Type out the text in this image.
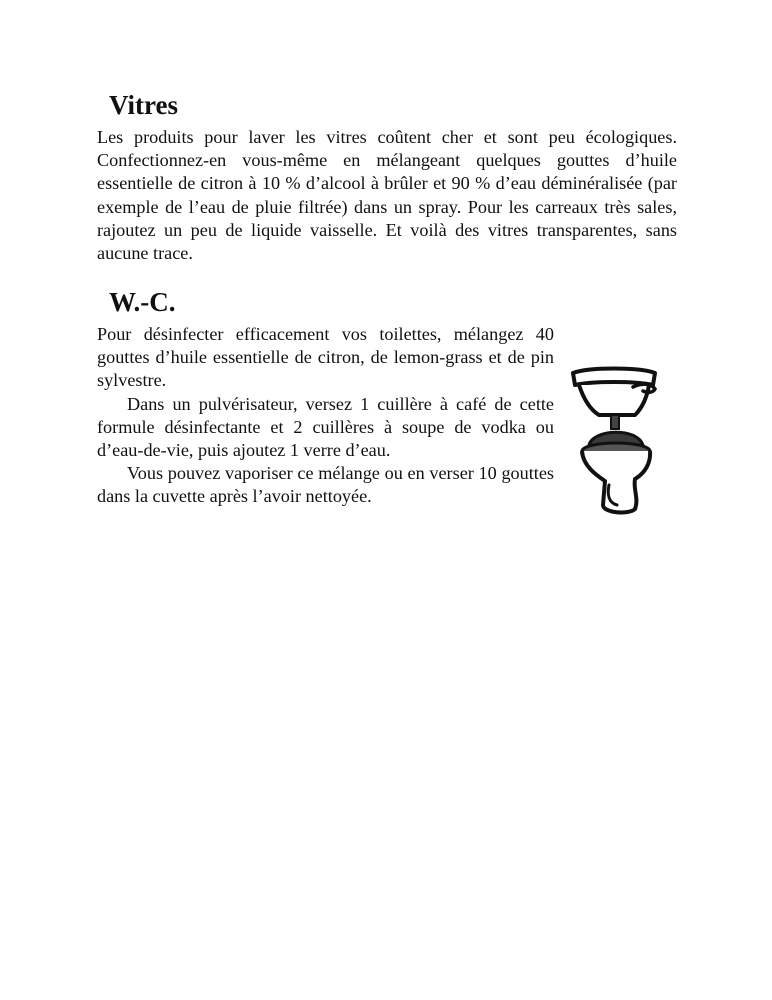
Vitres

Les produits pour laver les vitres coûtent cher et sont peu écologiques. Confectionnez-en vous-même en mélangeant quelques gouttes d’huile essentielle de citron à 10 % d’alcool à brûler et 90 % d’eau déminéralisée (par exemple de l’eau de pluie filtrée) dans un spray. Pour les carreaux très sales, rajoutez un peu de liquide vaisselle. Et voilà des vitres transparentes, sans aucune trace.

W.-C.

Pour désinfecter efficacement vos toilettes, mélangez 40 gouttes d’huile essentielle de citron, de lemon-grass et de pin sylvestre.

Dans un pulvérisateur, versez 1 cuillère à café de cette formule désinfectante et 2 cuillères à soupe de vodka ou d’eau-de-vie, puis ajoutez 1 verre d’eau.

Vous pouvez vaporiser ce mélange ou en verser 10 gouttes dans la cuvette après l’avoir nettoyée.
